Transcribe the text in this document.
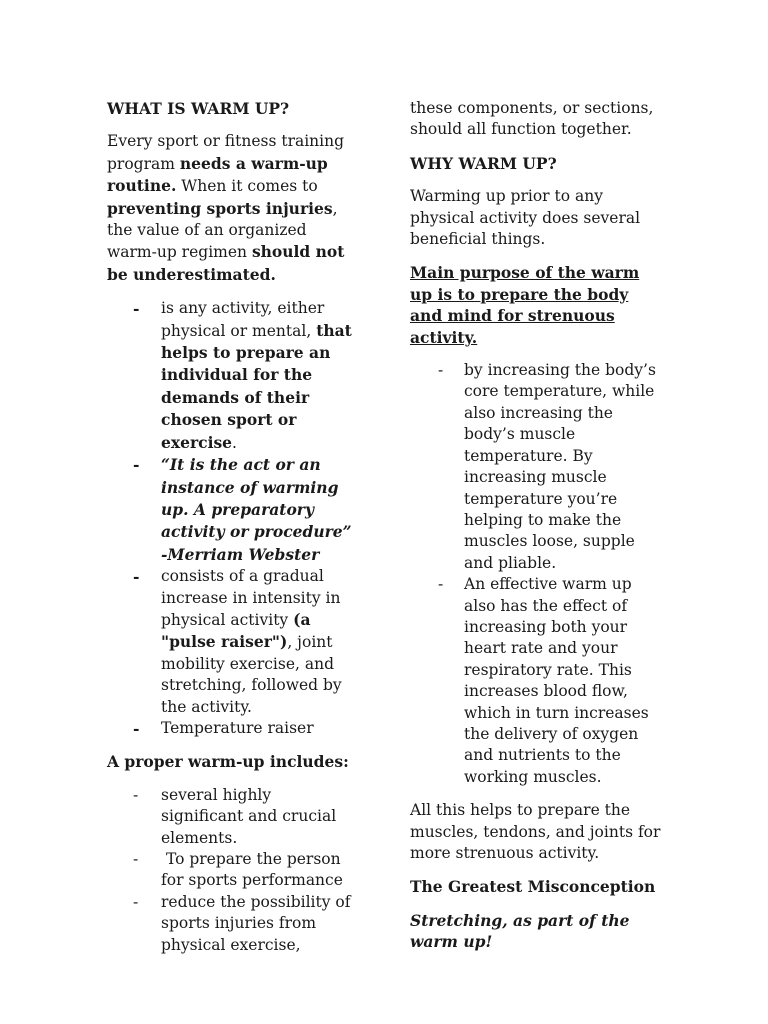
WHAT IS WARM UP?

Every sport or fitness training program needs a warm-up routine. When it comes to preventing sports injuries, the value of an organized warm-up regimen should not be underestimated.

- is any activity, either physical or mental, that helps to prepare an individual for the demands of their chosen sport or exercise.
- “It is the act or an instance of warming up. A preparatory activity or procedure”
-Merriam Webster
- consists of a gradual increase in intensity in physical activity (a "pulse raiser"), joint mobility exercise, and stretching, followed by the activity.
- Temperature raiser
A proper warm-up includes:
- several highly significant and crucial elements.
- To prepare the person for sports performance
- reduce the possibility of sports injuries from physical exercise,

these components, or sections, should all function together.

WHY WARM UP?

Warming up prior to any physical activity does several beneficial things.

Main purpose of the warm up is to prepare the body and mind for strenuous activity.

- by increasing the body’s core temperature, while also increasing the body’s muscle temperature. By increasing muscle temperature you’re helping to make the muscles loose, supple and pliable.
- An effective warm up also has the effect of increasing both your heart rate and your respiratory rate. This increases blood flow, which in turn increases the delivery of oxygen and nutrients to the working muscles.

All this helps to prepare the muscles, tendons, and joints for more strenuous activity.

The Greatest Misconception

Stretching, as part of the warm up!
